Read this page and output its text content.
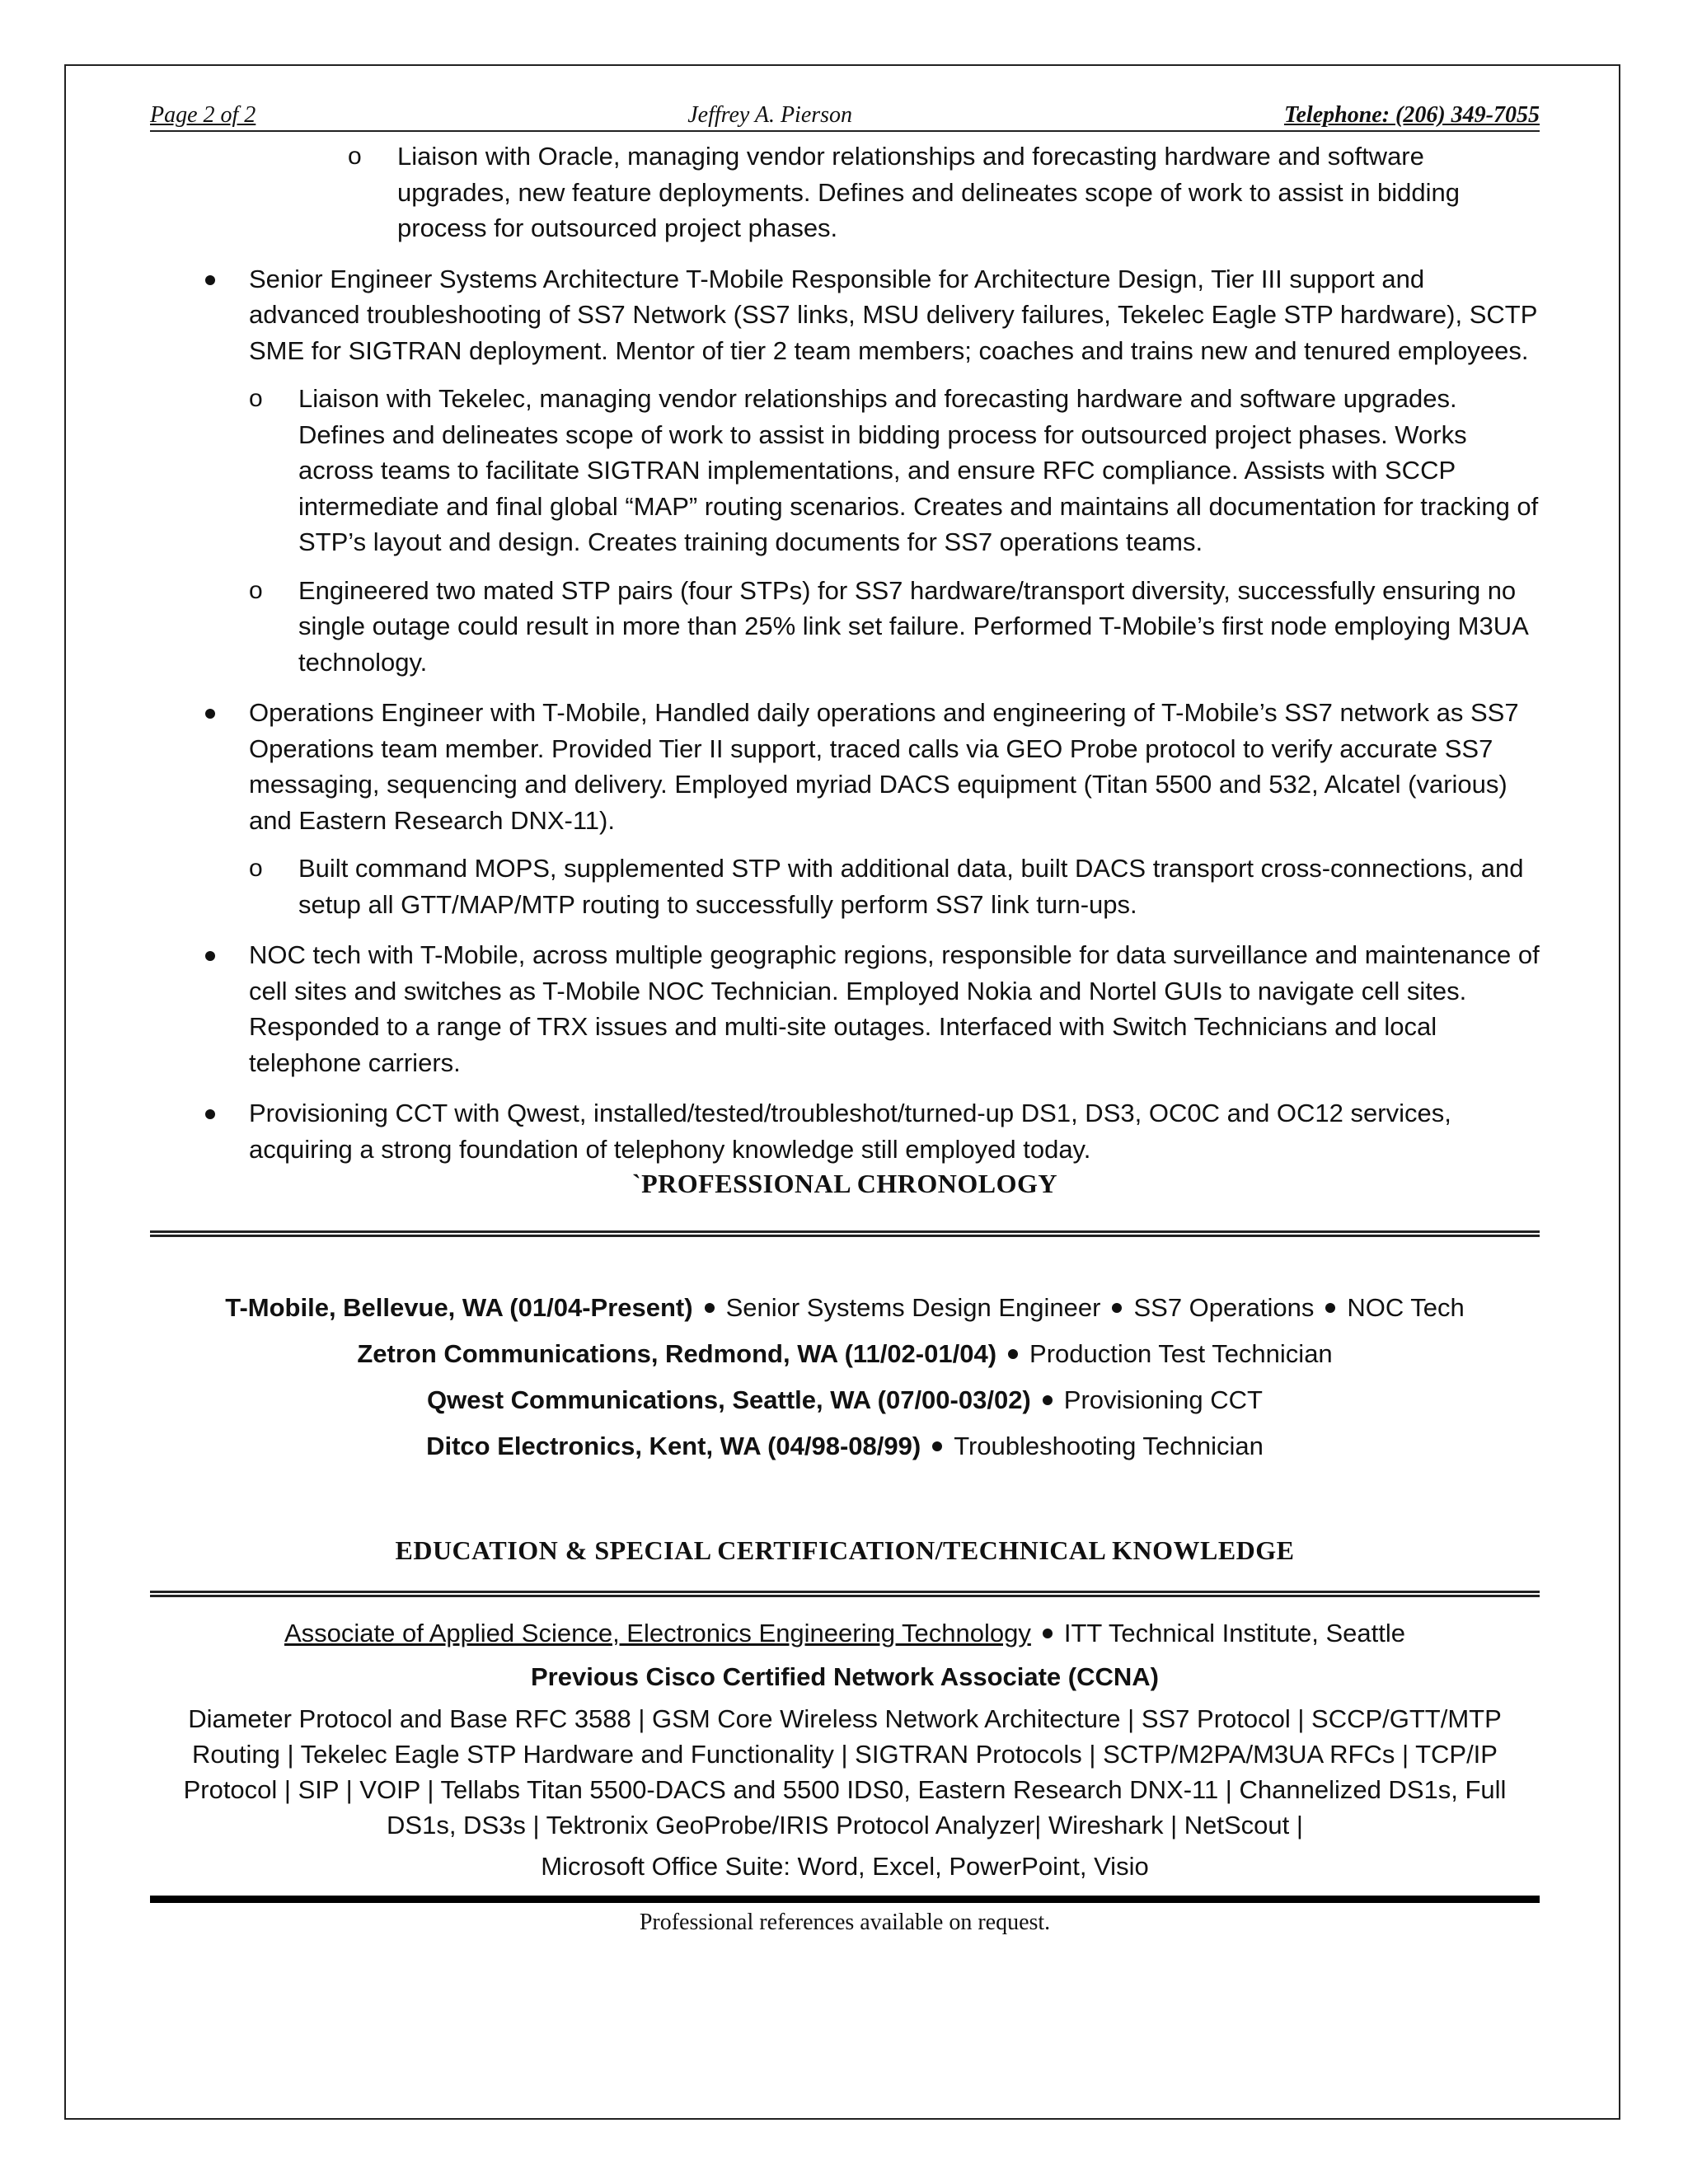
Page 2 of 2	Jeffrey A. Pierson	Telephone: (206) 349-7055
o Liaison with Oracle, managing vendor relationships and forecasting hardware and software upgrades, new feature deployments. Defines and delineates scope of work to assist in bidding process for outsourced project phases.
Senior Engineer Systems Architecture T-Mobile Responsible for Architecture Design, Tier III support and advanced troubleshooting of SS7 Network (SS7 links, MSU delivery failures, Tekelec Eagle STP hardware), SCTP SME for SIGTRAN deployment. Mentor of tier 2 team members; coaches and trains new and tenured employees.
o Liaison with Tekelec, managing vendor relationships and forecasting hardware and software upgrades. Defines and delineates scope of work to assist in bidding process for outsourced project phases. Works across teams to facilitate SIGTRAN implementations, and ensure RFC compliance. Assists with SCCP intermediate and final global “MAP” routing scenarios. Creates and maintains all documentation for tracking of STP’s layout and design. Creates training documents for SS7 operations teams.
o Engineered two mated STP pairs (four STPs) for SS7 hardware/transport diversity, successfully ensuring no single outage could result in more than 25% link set failure. Performed T-Mobile’s first node employing M3UA technology.
Operations Engineer with T-Mobile, Handled daily operations and engineering of T-Mobile’s SS7 network as SS7 Operations team member. Provided Tier II support, traced calls via GEO Probe protocol to verify accurate SS7 messaging, sequencing and delivery. Employed myriad DACS equipment (Titan 5500 and 532, Alcatel (various) and Eastern Research DNX-11).
o Built command MOPS, supplemented STP with additional data, built DACS transport cross-connections, and setup all GTT/MAP/MTP routing to successfully perform SS7 link turn-ups.
NOC tech with T-Mobile, across multiple geographic regions, responsible for data surveillance and maintenance of cell sites and switches as T-Mobile NOC Technician. Employed Nokia and Nortel GUIs to navigate cell sites. Responded to a range of TRX issues and multi-site outages. Interfaced with Switch Technicians and local telephone carriers.
Provisioning CCT with Qwest, installed/tested/troubleshot/turned-up DS1, DS3, OC0C and OC12 services, acquiring a strong foundation of telephony knowledge still employed today.
`PROFESSIONAL CHRONOLOGY
T-Mobile, Bellevue, WA (01/04-Present) Senior Systems Design Engineer SS7 Operations NOC Tech
Zetron Communications, Redmond, WA (11/02-01/04) Production Test Technician
Qwest Communications, Seattle, WA (07/00-03/02) Provisioning CCT
Ditco Electronics, Kent, WA (04/98-08/99) Troubleshooting Technician
EDUCATION & SPECIAL CERTIFICATION/TECHNICAL KNOWLEDGE
Associate of Applied Science, Electronics Engineering Technology ITT Technical Institute, Seattle
Previous Cisco Certified Network Associate (CCNA)
Diameter Protocol and Base RFC 3588 | GSM Core Wireless Network Architecture | SS7 Protocol | SCCP/GTT/MTP Routing | Tekelec Eagle STP Hardware and Functionality | SIGTRAN Protocols | SCTP/M2PA/M3UA RFCs | TCP/IP Protocol | SIP | VOIP | Tellabs Titan 5500-DACS and 5500 IDS0, Eastern Research DNX-11 | Channelized DS1s, Full DS1s, DS3s | Tektronix GeoProbe/IRIS Protocol Analyzer| Wireshark | NetScout |
Microsoft Office Suite: Word, Excel, PowerPoint, Visio
Professional references available on request.
